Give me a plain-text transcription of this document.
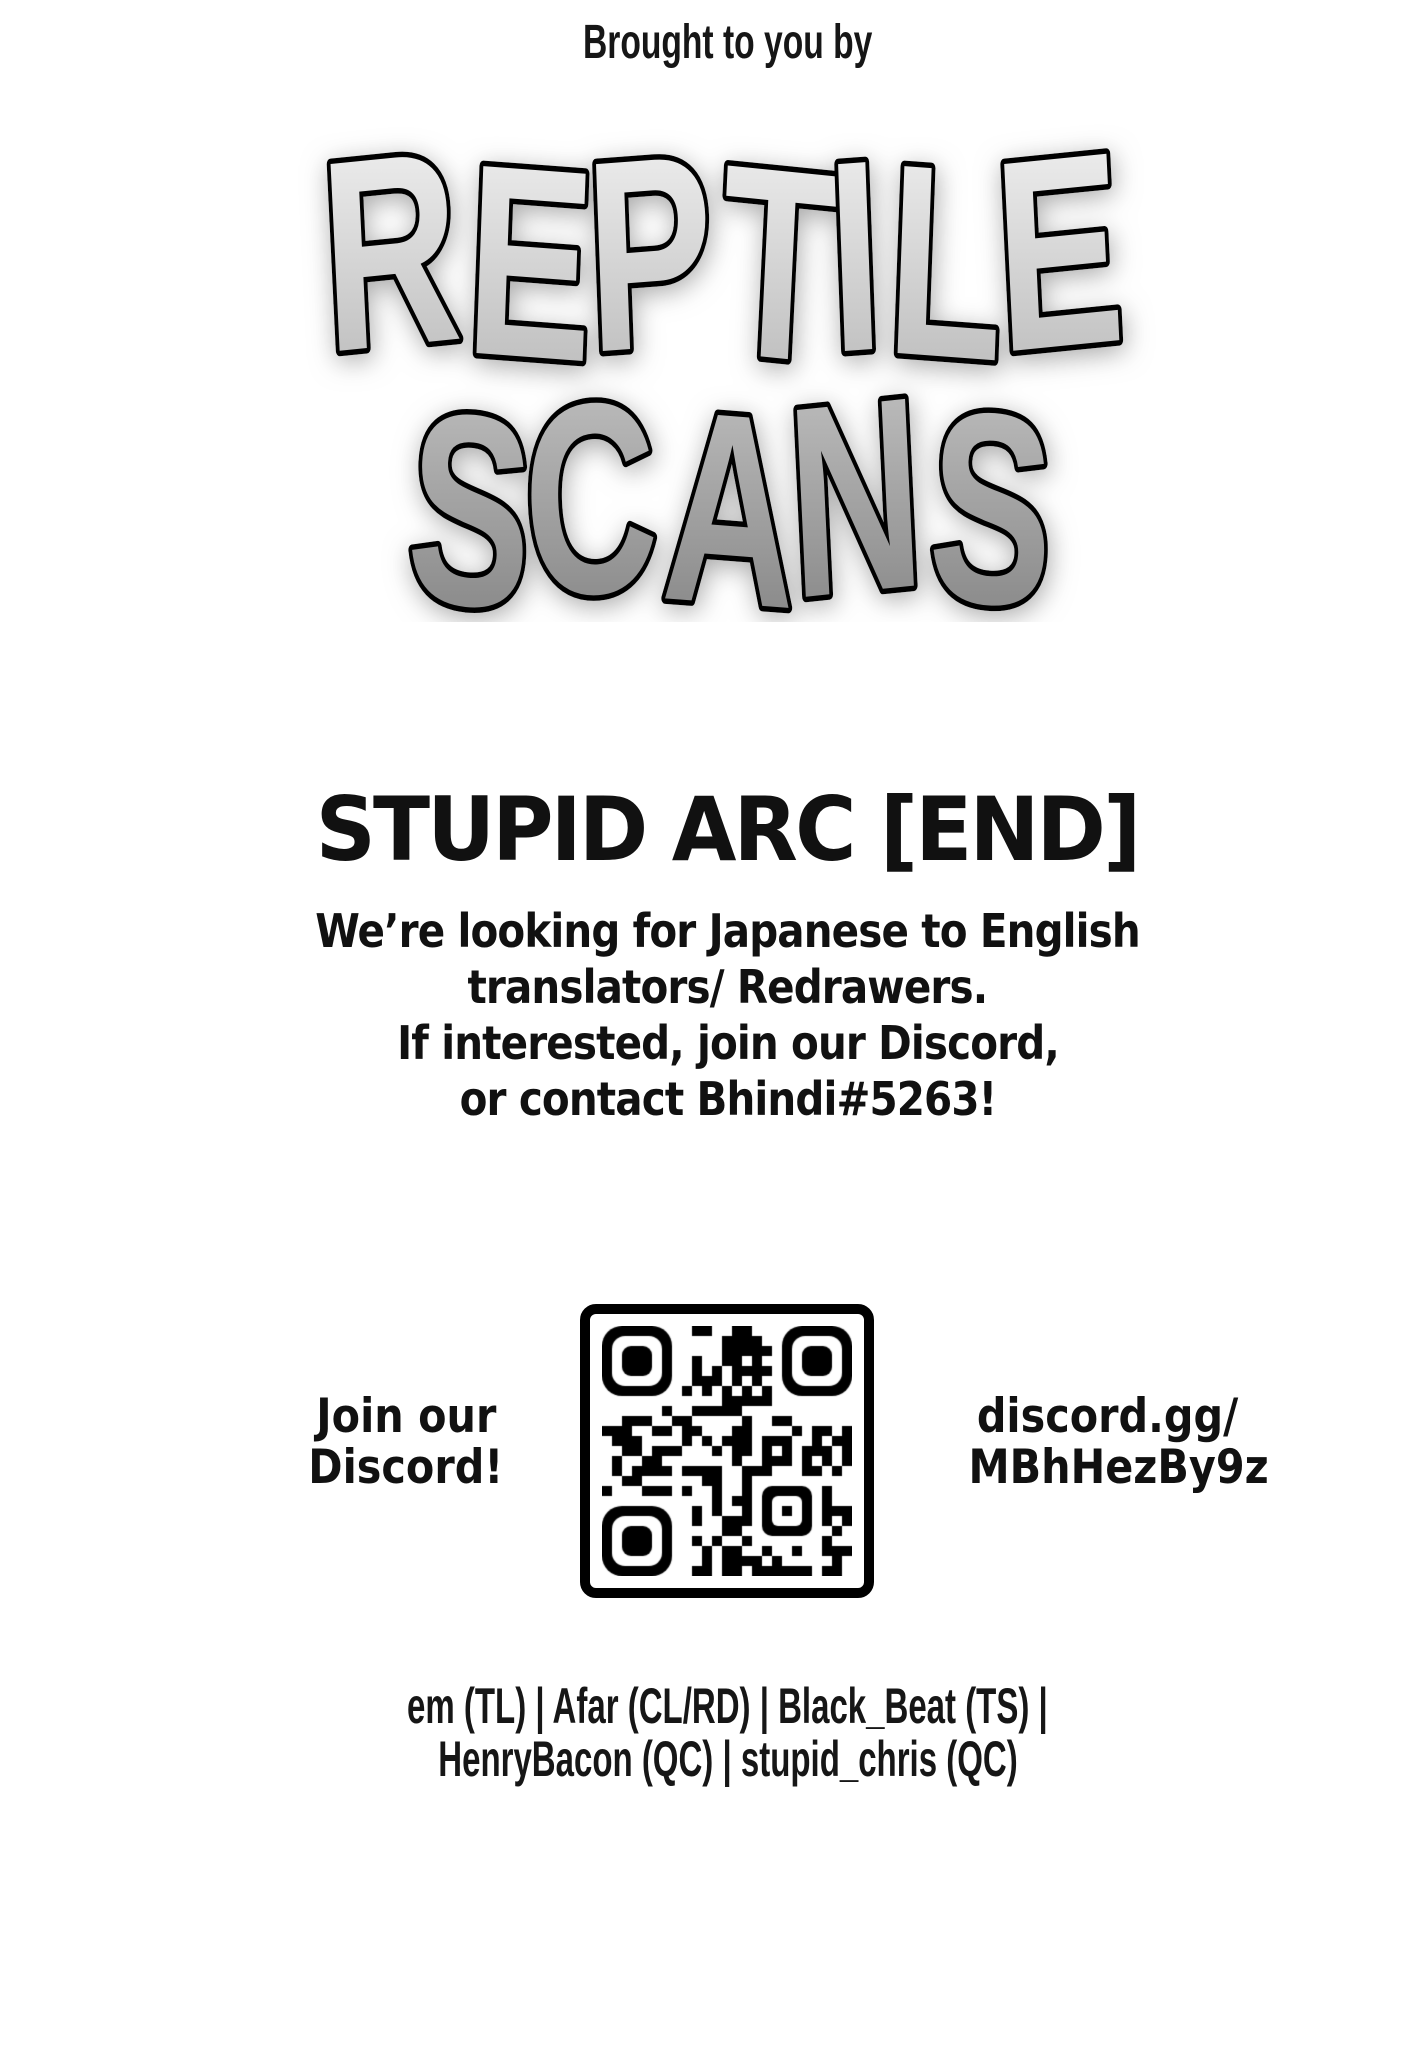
Brought to you by
REPTILE
SCANS
STUPID ARC [END]
We’re looking for Japanese to English
translators/ Redrawers.
If interested, join our Discord,
or contact Bhindi#5263!
Join our
Discord!
discord.gg/
MBhHezBy9z
em (TL) | Afar (CL/RD) | Black_Beat (TS) |
HenryBacon (QC) | stupid_chris (QC)
